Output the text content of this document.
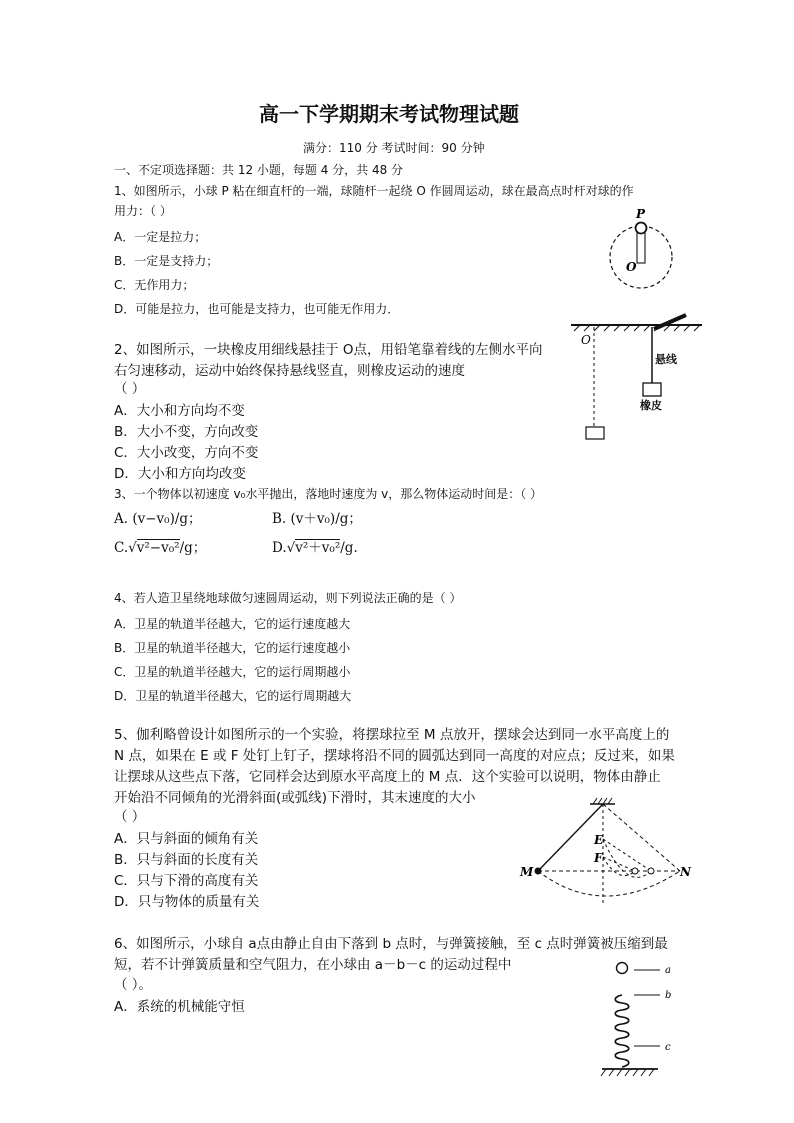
高一下学期期末考试物理试题
满分：110 分 考试时间：90 分钟
一、不定项选择题：共 12 小题，每题 4 分，共 48 分
1、如图所示，小球 P 粘在细直杆的一端，球随杆一起绕 O 作圆周运动，球在最高点时杆对球的作
用力：（ ）
A．一定是拉力；
B．一定是支持力；
C．无作用力；
D．可能是拉力，也可能是支持力，也可能无作用力．
P
O
2、如图所示，一块橡皮用细线悬挂于 O点，用铅笔靠着线的左侧水平向
右匀速移动，运动中始终保持悬线竖直，则橡皮运动的速度
（ ）
A．大小和方向均不变
B．大小不变，方向改变
C．大小改变，方向不变
D．大小和方向均改变
O
悬线
橡皮
3、一个物体以初速度 v₀水平抛出，落地时速度为 v，那么物体运动时间是：（ ）
A. (v−v₀)/g；	B. (v＋v₀)/g；
C.√v²−v₀²/g；	D.√v²＋v₀²/g.
4、若人造卫星绕地球做匀速圆周运动，则下列说法正确的是（ ）
A．卫星的轨道半径越大，它的运行速度越大
B．卫星的轨道半径越大，它的运行速度越小
C．卫星的轨道半径越大，它的运行周期越小
D．卫星的轨道半径越大，它的运行周期越大
5、伽利略曾设计如图所示的一个实验，将摆球拉至 M 点放开，摆球会达到同一水平高度上的
N 点，如果在 E 或 F 处钉上钉子，摆球将沿不同的圆弧达到同一高度的对应点；反过来，如果
让摆球从这些点下落，它同样会达到原水平高度上的 M 点．这个实验可以说明，物体由静止
开始沿不同倾角的光滑斜面(或弧线)下滑时，其末速度的大小
（ ）
A．只与斜面的倾角有关
B．只与斜面的长度有关
C．只与下滑的高度有关
D．只与物体的质量有关
E
F
M	N
6、如图所示，小球自 a点由静止自由下落到 b 点时，与弹簧接触，至 c 点时弹簧被压缩到最
短，若不计弹簧质量和空气阻力，在小球由 a－b－c 的运动过程中
（ ）。
A．系统的机械能守恒
a
b
c
